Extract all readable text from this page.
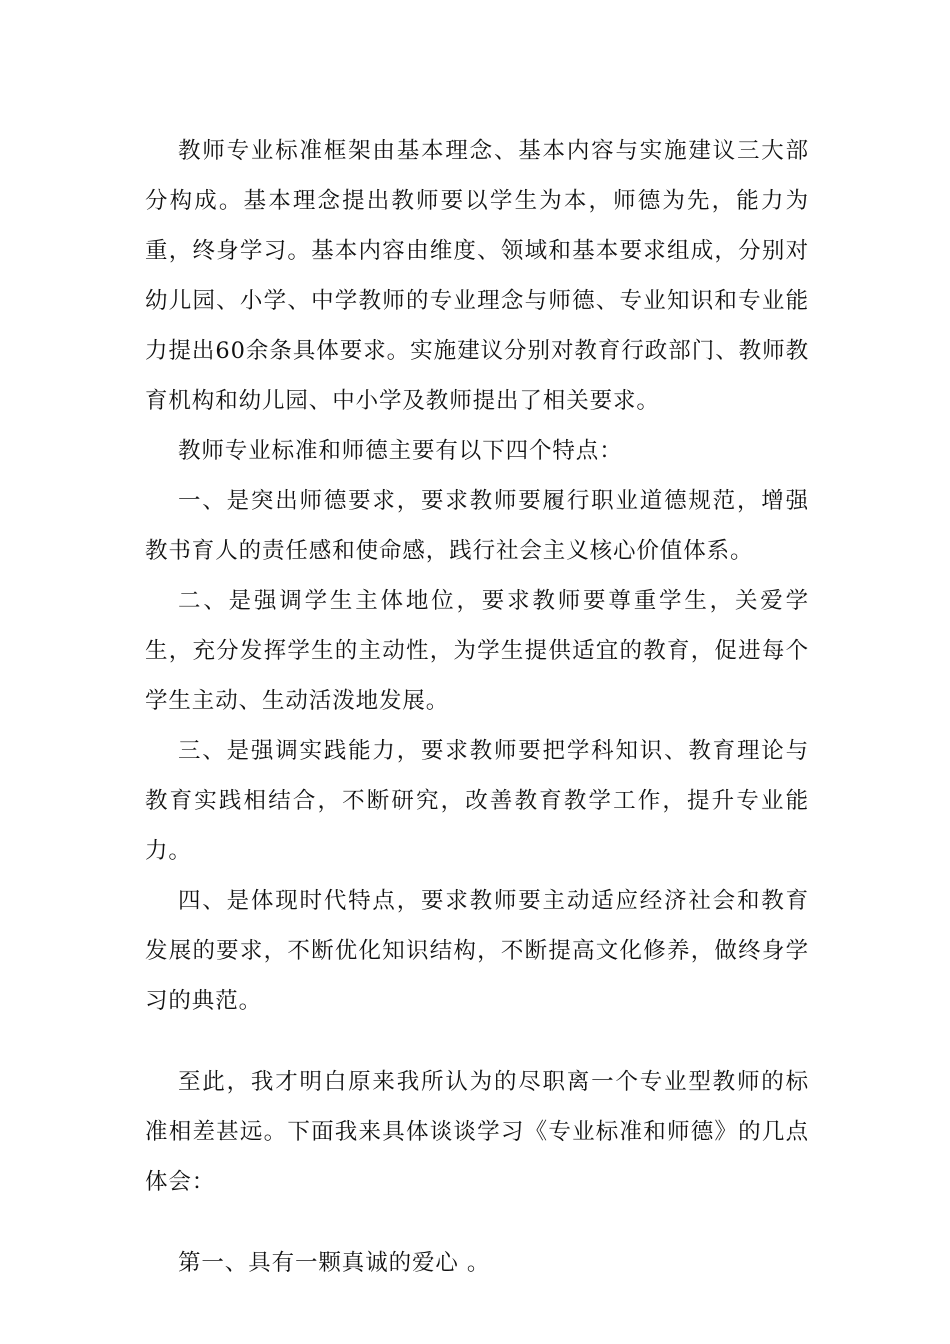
教师专业标准框架由基本理念、基本内容与实施建议三大部分构成。基本理念提出教师要以学生为本，师德为先，能力为重，终身学习。基本内容由维度、领域和基本要求组成，分别对幼儿园、小学、中学教师的专业理念与师德、专业知识和专业能力提出60余条具体要求。实施建议分别对教育行政部门、教师教育机构和幼儿园、中小学及教师提出了相关要求。

教师专业标准和师德主要有以下四个特点：

一、是突出师德要求，要求教师要履行职业道德规范，增强教书育人的责任感和使命感，践行社会主义核心价值体系。

二、是强调学生主体地位，要求教师要尊重学生，关爱学生，充分发挥学生的主动性，为学生提供适宜的教育，促进每个学生主动、生动活泼地发展。

三、是强调实践能力，要求教师要把学科知识、教育理论与教育实践相结合，不断研究，改善教育教学工作，提升专业能力。

四、是体现时代特点，要求教师要主动适应经济社会和教育发展的要求，不断优化知识结构，不断提高文化修养，做终身学习的典范。

至此，我才明白原来我所认为的尽职离一个专业型教师的标准相差甚远。下面我来具体谈谈学习《专业标准和师德》的几点体会：

第一、具有一颗真诚的爱心 。
